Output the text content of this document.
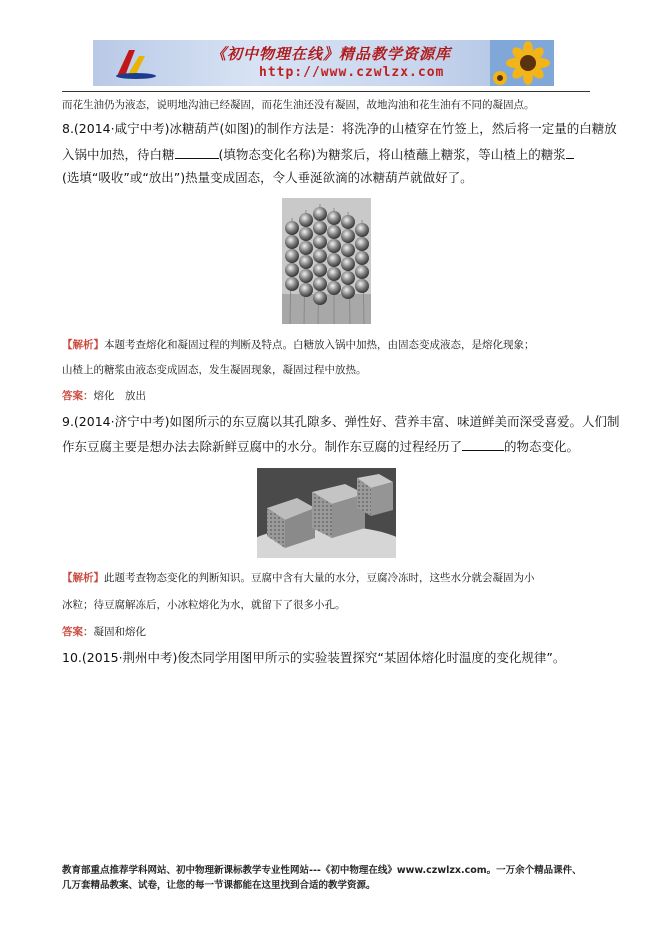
《初中物理在线》精品教学资源库
http://www.czwlzx.com
而花生油仍为液态，说明地沟油已经凝固，而花生油还没有凝固，故地沟油和花生油有不同的凝固点。
8.(2014·咸宁中考)冰糖葫芦(如图)的制作方法是：将洗净的山楂穿在竹签上，然后将一定量的白糖放
入锅中加热，待白糖	(填物态变化名称)为糖浆后，将山楂蘸上糖浆，等山楂上的糖浆
(选填“吸收”或“放出”)热量变成固态，令人垂涎欲滴的冰糖葫芦就做好了。
【解析】本题考查熔化和凝固过程的判断及特点。白糖放入锅中加热，由固态变成液态，是熔化现象；
山楂上的糖浆由液态变成固态，发生凝固现象，凝固过程中放热。
答案：熔化　放出
9.(2014·济宁中考)如图所示的东豆腐以其孔隙多、弹性好、营养丰富、味道鲜美而深受喜爱。人们制
作东豆腐主要是想办法去除新鲜豆腐中的水分。制作东豆腐的过程经历了	的物态变化。
【解析】此题考查物态变化的判断知识。豆腐中含有大量的水分，豆腐冷冻时，这些水分就会凝固为小
冰粒；待豆腐解冻后，小冰粒熔化为水，就留下了很多小孔。
答案：凝固和熔化
10.(2015·荆州中考)俊杰同学用图甲所示的实验装置探究“某固体熔化时温度的变化规律”。
教育部重点推荐学科网站、初中物理新课标教学专业性网站---《初中物理在线》www.czwlzx.com。一万余个精品课件、
几万套精品教案、试卷，让您的每一节课都能在这里找到合适的教学资源。
